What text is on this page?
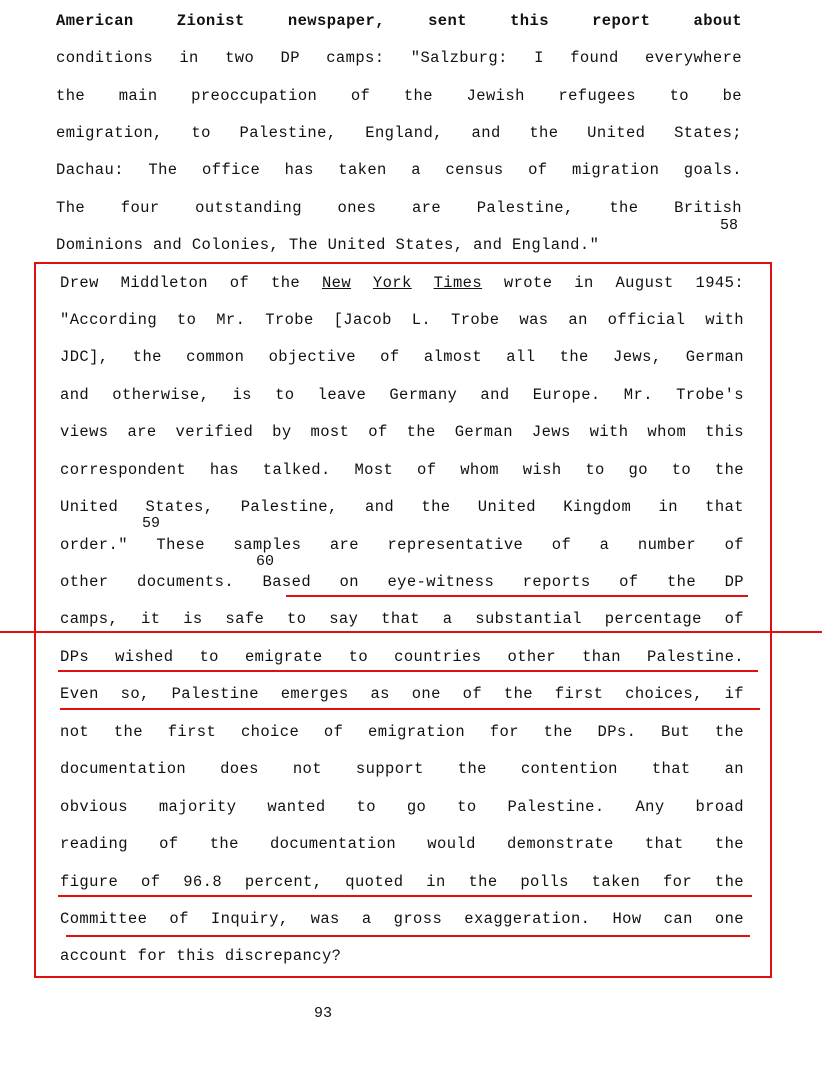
American Zionist newspaper, sent this report about
conditions in two DP camps: "Salzburg: I found everywhere
the main preoccupation of the Jewish refugees to be
emigration, to Palestine, England, and the United States;
Dachau: The office has taken a census of migration goals.
The four outstanding ones are Palestine, the British
58
Dominions and Colonies, The United States, and England."
Drew Middleton of the New York Times wrote in August 1945:
"According to Mr. Trobe [Jacob L. Trobe was an official with
JDC], the common objective of almost all the Jews, German
and otherwise, is to leave Germany and Europe. Mr. Trobe's
views are verified by most of the German Jews with whom this
correspondent has talked. Most of whom wish to go to the
United States, Palestine, and the United Kingdom in that
59
order." These samples are representative of a number of
60
other documents. Based on eye-witness reports of the DP
camps, it is safe to say that a substantial percentage of
DPs wished to emigrate to countries other than Palestine.
Even so, Palestine emerges as one of the first choices, if
not the first choice of emigration for the DPs. But the
documentation does not support the contention that an
obvious majority wanted to go to Palestine. Any broad
reading of the documentation would demonstrate that the
figure of 96.8 percent, quoted in the polls taken for the
Committee of Inquiry, was a gross exaggeration. How can one
account for this discrepancy?
93
